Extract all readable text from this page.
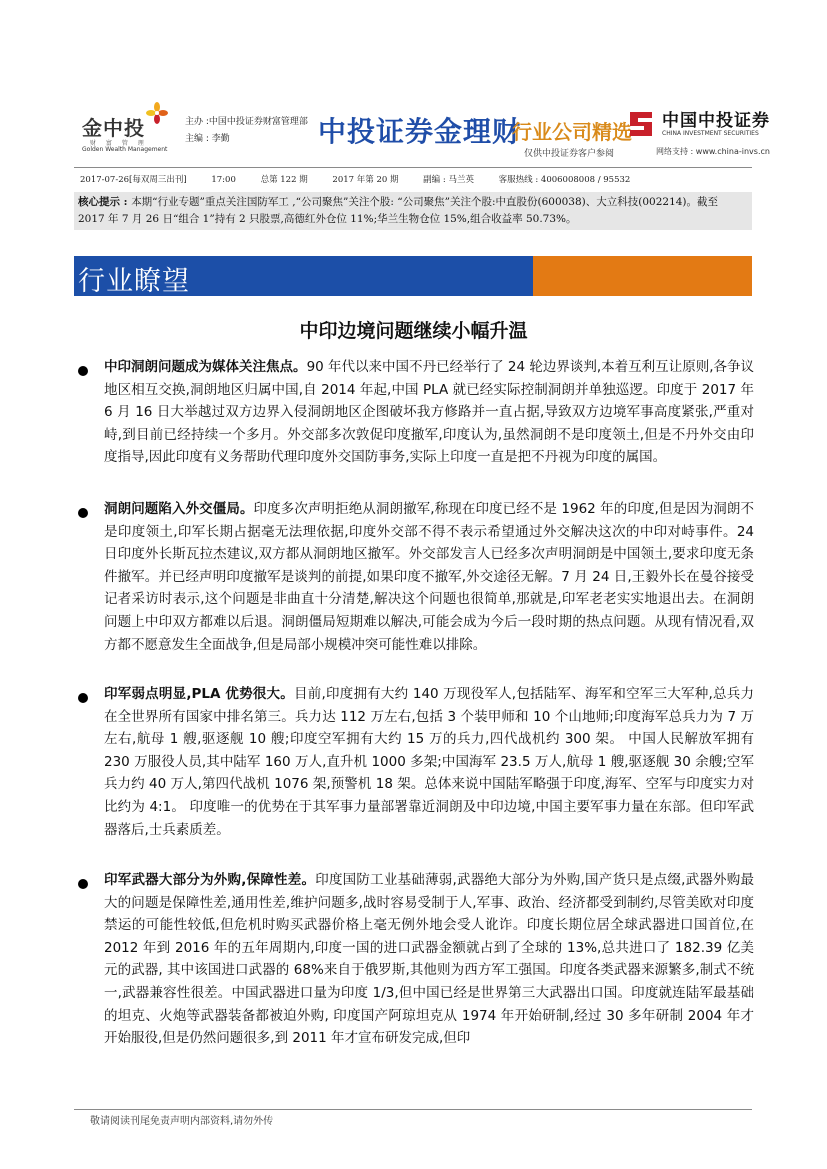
金中投
财 富 管 理
Golden Wealth Management
主办 :中国中投证券财富管理部
主编 : 李勤	中投证券金理财
行业公司精选
仅供中投证券客户参阅
中国中投证券
CHINA INVESTMENT SECURITIES
网络支持 : www.china-invs.cn
2017-07-26[每双周三出刊]	17:00	总第 122 期	2017 年第 20 期	副编 : 马兰英	客服热线 : 4006008008 / 95532
核心提示 : 本期“行业专题”重点关注国防军工 ,“公司聚焦”关注个股: “公司聚焦”关注个股:中直股份(600038)、大立科技(002214)。截至 2017 年 7 月 26 日“组合 1”持有 2 只股票,高德红外仓位 11%;华兰生物仓位 15%,组合收益率 50.73%。
行业瞭望
中印边境问题继续小幅升温
中印洞朗问题成为媒体关注焦点。90 年代以来中国不丹已经举行了 24 轮边界谈判,本着互利互让原则,各争议地区相互交换,洞朗地区归属中国,自 2014 年起,中国 PLA 就已经实际控制洞朗并单独巡逻。印度于 2017 年 6 月 16 日大举越过双方边界入侵洞朗地区企图破坏我方修路并一直占据,导致双方边境军事高度紧张,严重对峙,到目前已经持续一个多月。外交部多次敦促印度撤军,印度认为,虽然洞朗不是印度领土,但是不丹外交由印度指导,因此印度有义务帮助代理印度外交国防事务,实际上印度一直是把不丹视为印度的属国。
洞朗问题陷入外交僵局。印度多次声明拒绝从洞朗撤军,称现在印度已经不是 1962 年的印度,但是因为洞朗不是印度领土,印军长期占据毫无法理依据,印度外交部不得不表示希望通过外交解决这次的中印对峙事件。24 日印度外长斯瓦拉杰建议,双方都从洞朗地区撤军。外交部发言人已经多次声明洞朗是中国领土,要求印度无条件撤军。并已经声明印度撤军是谈判的前提,如果印度不撤军,外交途径无解。7 月 24 日,王毅外长在曼谷接受记者采访时表示,这个问题是非曲直十分清楚,解决这个问题也很简单,那就是,印军老老实实地退出去。在洞朗问题上中印双方都难以后退。洞朗僵局短期难以解决,可能会成为今后一段时期的热点问题。从现有情况看,双方都不愿意发生全面战争,但是局部小规模冲突可能性难以排除。
印军弱点明显,PLA 优势很大。目前,印度拥有大约 140 万现役军人,包括陆军、海军和空军三大军种,总兵力在全世界所有国家中排名第三。兵力达 112 万左右,包括 3 个装甲师和 10 个山地师;印度海军总兵力为 7 万左右,航母 1 艘,驱逐舰 10 艘;印度空军拥有大约 15 万的兵力,四代战机约 300 架。 中国人民解放军拥有 230 万服役人员,其中陆军 160 万人,直升机 1000 多架;中国海军 23.5 万人,航母 1 艘,驱逐舰 30 余艘;空军兵力约 40 万人,第四代战机 1076 架,预警机 18 架。总体来说中国陆军略强于印度,海军、空军与印度实力对比约为 4:1。 印度唯一的优势在于其军事力量部署靠近洞朗及中印边境,中国主要军事力量在东部。但印军武器落后,士兵素质差。
印军武器大部分为外购,保障性差。印度国防工业基础薄弱,武器绝大部分为外购,国产货只是点缀,武器外购最大的问题是保障性差,通用性差,维护问题多,战时容易受制于人,军事、政治、经济都受到制约,尽管美欧对印度禁运的可能性较低,但危机时购买武器价格上毫无例外地会受人讹诈。印度长期位居全球武器进口国首位,在 2012 年到 2016 年的五年周期内,印度一国的进口武器金额就占到了全球的 13%,总共进口了 182.39 亿美元的武器, 其中该国进口武器的 68%来自于俄罗斯,其他则为西方军工强国。印度各类武器来源繁多,制式不统一,武器兼容性很差。中国武器进口量为印度 1/3,但中国已经是世界第三大武器出口国。印度就连陆军最基础的坦克、火炮等武器装备都被迫外购, 印度国产阿琼坦克从 1974 年开始研制,经过 30 多年研制 2004 年才开始服役,但是仍然问题很多,到 2011 年才宣布研发完成,但印
敬请阅读刊尾免责声明内部资料,请勿外传
